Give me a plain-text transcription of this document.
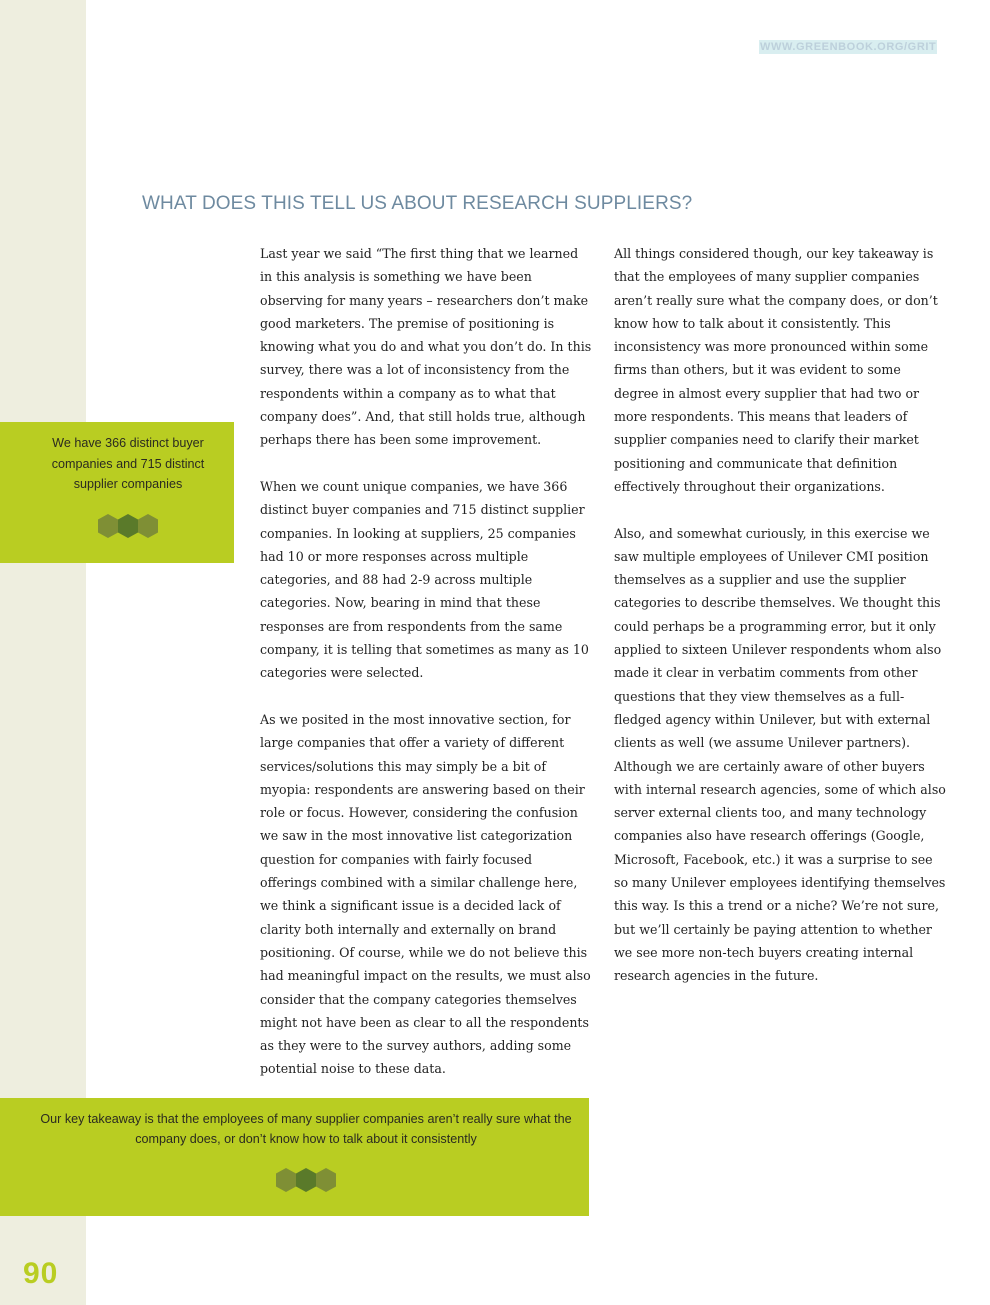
WWW.GREENBOOK.ORG/GRIT
WHAT DOES THIS TELL US ABOUT RESEARCH SUPPLIERS?

Last year we said “The first thing that we learned in this analysis is something we have been observing for many years – researchers don’t make good marketers. The premise of positioning is knowing what you do and what you don’t do. In this survey, there was a lot of inconsistency from the respondents within a company as to what that company does”. And, that still holds true, although perhaps there has been some improvement.

When we count unique companies, we have 366 distinct buyer companies and 715 distinct supplier companies. In looking at suppliers, 25 companies had 10 or more responses across multiple categories, and 88 had 2-9 across multiple categories. Now, bearing in mind that these responses are from respondents from the same company, it is telling that sometimes as many as 10 categories were selected.

As we posited in the most innovative section, for large companies that offer a variety of different services/solutions this may simply be a bit of myopia: respondents are answering based on their role or focus. However, considering the confusion we saw in the most innovative list categorization question for companies with fairly focused offerings combined with a similar challenge here, we think a significant issue is a decided lack of clarity both internally and externally on brand positioning. Of course, while we do not believe this had meaningful impact on the results, we must also consider that the company categories themselves might not have been as clear to all the respondents as they were to the survey authors, adding some potential noise to these data.

All things considered though, our key takeaway is that the employees of many supplier companies aren’t really sure what the company does, or don’t know how to talk about it consistently. This inconsistency was more pronounced within some firms than others, but it was evident to some degree in almost every supplier that had two or more respondents. This means that leaders of supplier companies need to clarify their market positioning and communicate that definition effectively throughout their organizations.

Also, and somewhat curiously, in this exercise we saw multiple employees of Unilever CMI position themselves as a supplier and use the supplier categories to describe themselves. We thought this could perhaps be a programming error, but it only applied to sixteen Unilever respondents whom also made it clear in verbatim comments from other questions that they view themselves as a full-fledged agency within Unilever, but with external clients as well (we assume Unilever partners). Although we are certainly aware of other buyers with internal research agencies, some of which also server external clients too, and many technology companies also have research offerings (Google, Microsoft, Facebook, etc.) it was a surprise to see so many Unilever employees identifying themselves this way. Is this a trend or a niche? We’re not sure, but we’ll certainly be paying attention to whether we see more non-tech buyers creating internal research agencies in the future.

We have 366 distinct buyer companies and 715 distinct supplier companies
Our key takeaway is that the employees of many supplier companies aren’t really sure what the company does, or don’t know how to talk about it consistently
90
